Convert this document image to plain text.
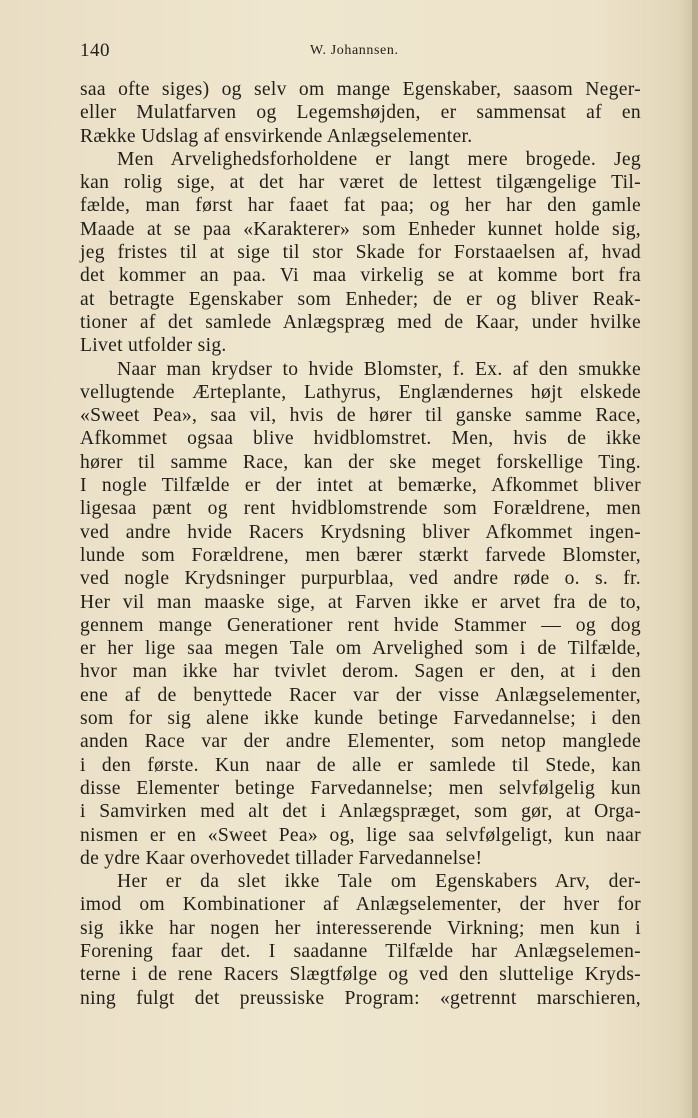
140	W. Johannsen.
saa ofte siges) og selv om mange Egenskaber, saasom Neger-
eller Mulatfarven og Legemshøjden, er sammensat af en
Række Udslag af ensvirkende Anlægselementer.
Men Arvelighedsforholdene er langt mere brogede. Jeg
kan rolig sige, at det har været de lettest tilgængelige Til-
fælde, man først har faaet fat paa; og her har den gamle
Maade at se paa «Karakterer» som Enheder kunnet holde sig,
jeg fristes til at sige til stor Skade for Forstaaelsen af, hvad
det kommer an paa. Vi maa virkelig se at komme bort fra
at betragte Egenskaber som Enheder; de er og bliver Reak-
tioner af det samlede Anlægspræg med de Kaar, under hvilke
Livet utfolder sig.
Naar man krydser to hvide Blomster, f. Ex. af den smukke
vellugtende Ærteplante, Lathyrus, Englændernes højt elskede
«Sweet Pea», saa vil, hvis de hører til ganske samme Race,
Afkommet ogsaa blive hvidblomstret. Men, hvis de ikke
hører til samme Race, kan der ske meget forskellige Ting.
I nogle Tilfælde er der intet at bemærke, Afkommet bliver
ligesaa pænt og rent hvidblomstrende som Forældrene, men
ved andre hvide Racers Krydsning bliver Afkommet ingen-
lunde som Forældrene, men bærer stærkt farvede Blomster,
ved nogle Krydsninger purpurblaa, ved andre røde o. s. fr.
Her vil man maaske sige, at Farven ikke er arvet fra de to,
gennem mange Generationer rent hvide Stammer — og dog
er her lige saa megen Tale om Arvelighed som i de Tilfælde,
hvor man ikke har tvivlet derom. Sagen er den, at i den
ene af de benyttede Racer var der visse Anlægselementer,
som for sig alene ikke kunde betinge Farvedannelse; i den
anden Race var der andre Elementer, som netop manglede
i den første. Kun naar de alle er samlede til Stede, kan
disse Elementer betinge Farvedannelse; men selvfølgelig kun
i Samvirken med alt det i Anlægspræget, som gør, at Orga-
nismen er en «Sweet Pea» og, lige saa selvfølgeligt, kun naar
de ydre Kaar overhovedet tillader Farvedannelse!
Her er da slet ikke Tale om Egenskabers Arv, der-
imod om Kombinationer af Anlægselementer, der hver for
sig ikke har nogen her interesserende Virkning; men kun i
Forening faar det. I saadanne Tilfælde har Anlægselemen-
terne i de rene Racers Slægtfølge og ved den sluttelige Kryds-
ning fulgt det preussiske Program: «getrennt marschieren,
